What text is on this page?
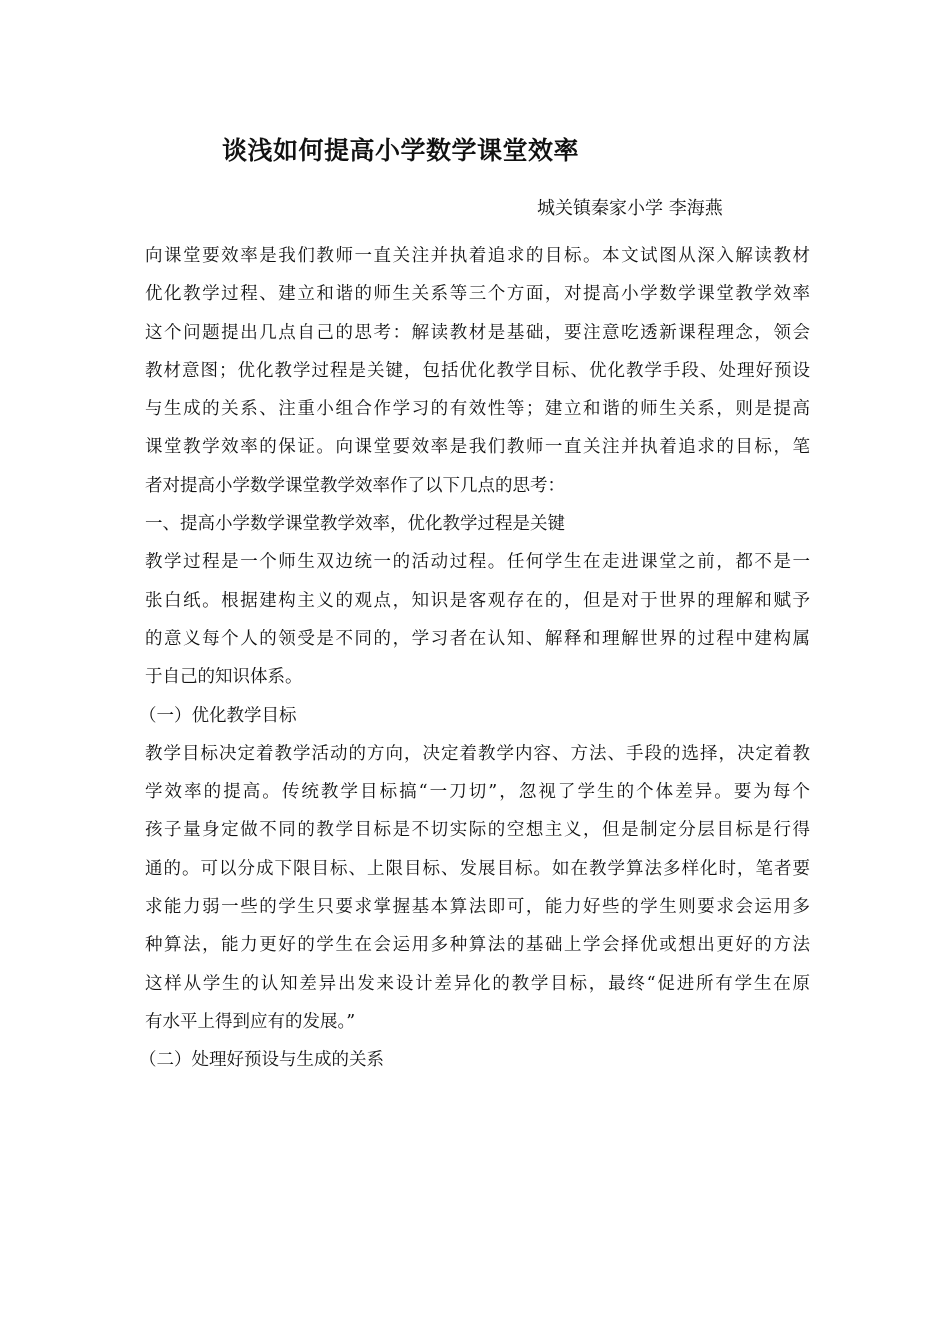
谈浅如何提高小学数学课堂效率
城关镇秦家小学 李海燕
向课堂要效率是我们教师一直关注并执着追求的目标。本文试图从深入解读教材
优化教学过程、建立和谐的师生关系等三个方面，对提高小学数学课堂教学效率
这个问题提出几点自己的思考：解读教材是基础，要注意吃透新课程理念，领会
教材意图；优化教学过程是关键，包括优化教学目标、优化教学手段、处理好预设
与生成的关系、注重小组合作学习的有效性等；建立和谐的师生关系，则是提高
课堂教学效率的保证。向课堂要效率是我们教师一直关注并执着追求的目标，笔
者对提高小学数学课堂教学效率作了以下几点的思考：
一、提高小学数学课堂教学效率，优化教学过程是关键
教学过程是一个师生双边统一的活动过程。任何学生在走进课堂之前，都不是一
张白纸。根据建构主义的观点，知识是客观存在的，但是对于世界的理解和赋予
的意义每个人的领受是不同的，学习者在认知、解释和理解世界的过程中建构属
于自己的知识体系。
（一）优化教学目标
教学目标决定着教学活动的方向，决定着教学内容、方法、手段的选择，决定着教
学效率的提高。传统教学目标搞“一刀切”，忽视了学生的个体差异。要为每个
孩子量身定做不同的教学目标是不切实际的空想主义，但是制定分层目标是行得
通的。可以分成下限目标、上限目标、发展目标。如在教学算法多样化时，笔者要
求能力弱一些的学生只要求掌握基本算法即可，能力好些的学生则要求会运用多
种算法，能力更好的学生在会运用多种算法的基础上学会择优或想出更好的方法
这样从学生的认知差异出发来设计差异化的教学目标，最终“促进所有学生在原
有水平上得到应有的发展。”
（二）处理好预设与生成的关系
